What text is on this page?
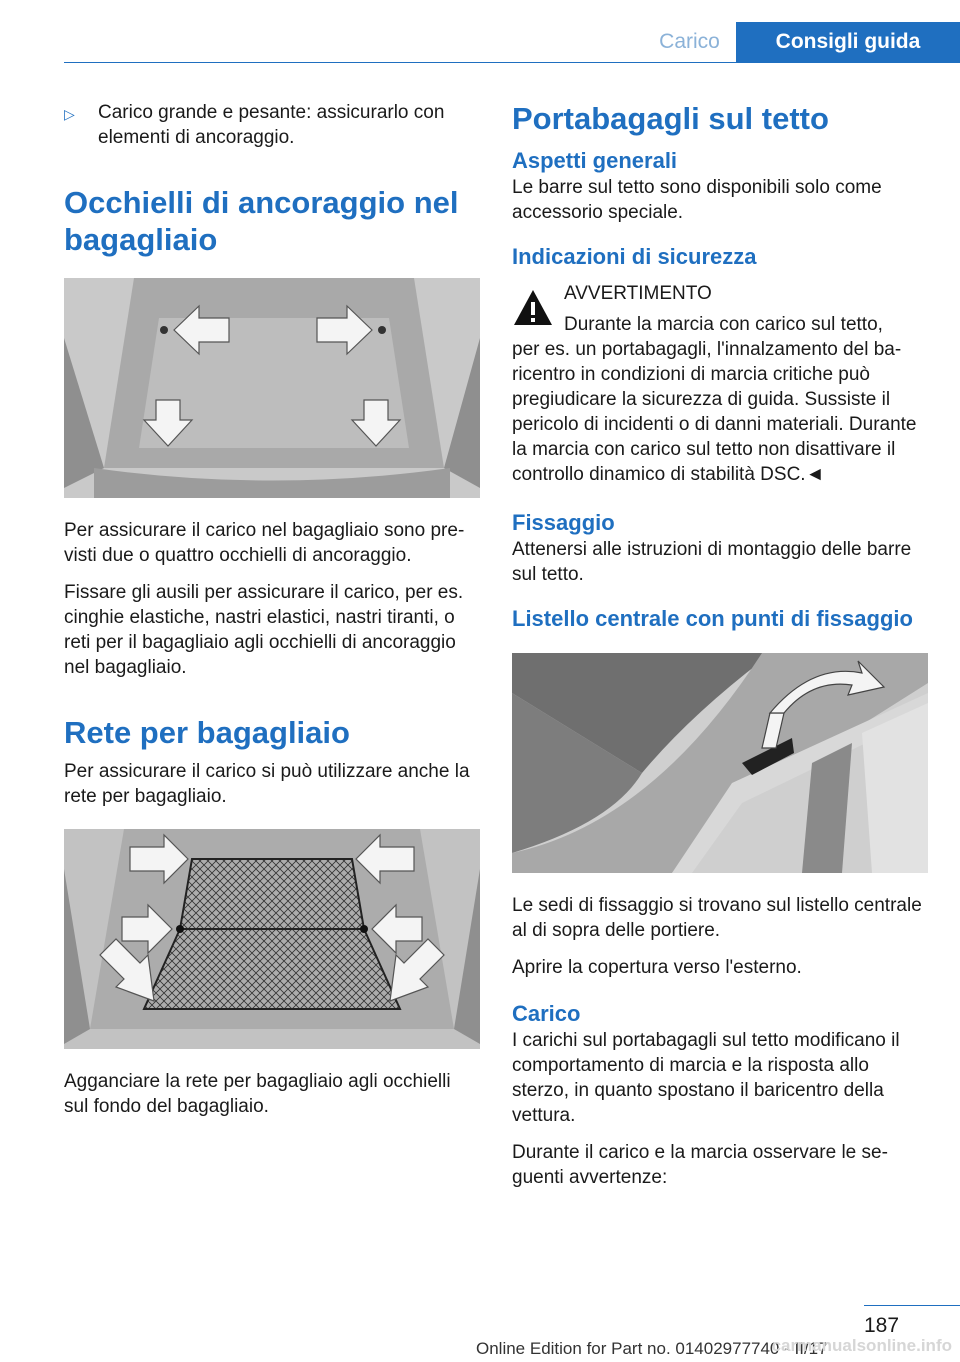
Carico	Consigli guida
▷	Carico grande e pesante: assicurarlo con elementi di ancoraggio.
Occhielli di ancoraggio nel bagagliaio

Per assicurare il carico nel bagagliaio sono previsti due o quattro occhielli di ancoraggio.

Fissare gli ausili per assicurare il carico, per es. cinghie elastiche, nastri elastici, nastri tiranti, o reti per il bagagliaio agli occhielli di ancoraggio nel bagagliaio.

Rete per bagagliaio

Per assicurare il carico si può utilizzare anche la rete per bagagliaio.

Agganciare la rete per bagagliaio agli occhielli sul fondo del bagagliaio.

Portabagagli sul tetto
Aspetti generali

Le barre sul tetto sono disponibili solo come accessorio speciale.

Indicazioni di sicurezza
AVVERTIMENTO
Durante la marcia con carico sul tetto,

per es. un portabagagli, l'innalzamento del baricentro in condizioni di marcia critiche può pregiudicare la sicurezza di guida. Sussiste il pericolo di incidenti o di danni materiali. Durante la marcia con carico sul tetto non disattivare il controllo dinamico di stabilità DSC.◄

Fissaggio

Attenersi alle istruzioni di montaggio delle barre sul tetto.

Listello centrale con punti di fissaggio

Le sedi di fissaggio si trovano sul listello centrale al di sopra delle portiere.

Aprire la copertura verso l'esterno.

Carico

I carichi sul portabagagli sul tetto modificano il comportamento di marcia e la risposta allo sterzo, in quanto spostano il baricentro della vettura.

Durante il carico e la marcia osservare le seguenti avvertenze:

187
Online Edition for Part no. 01402977740 - II/17
carmanualsonline.info
